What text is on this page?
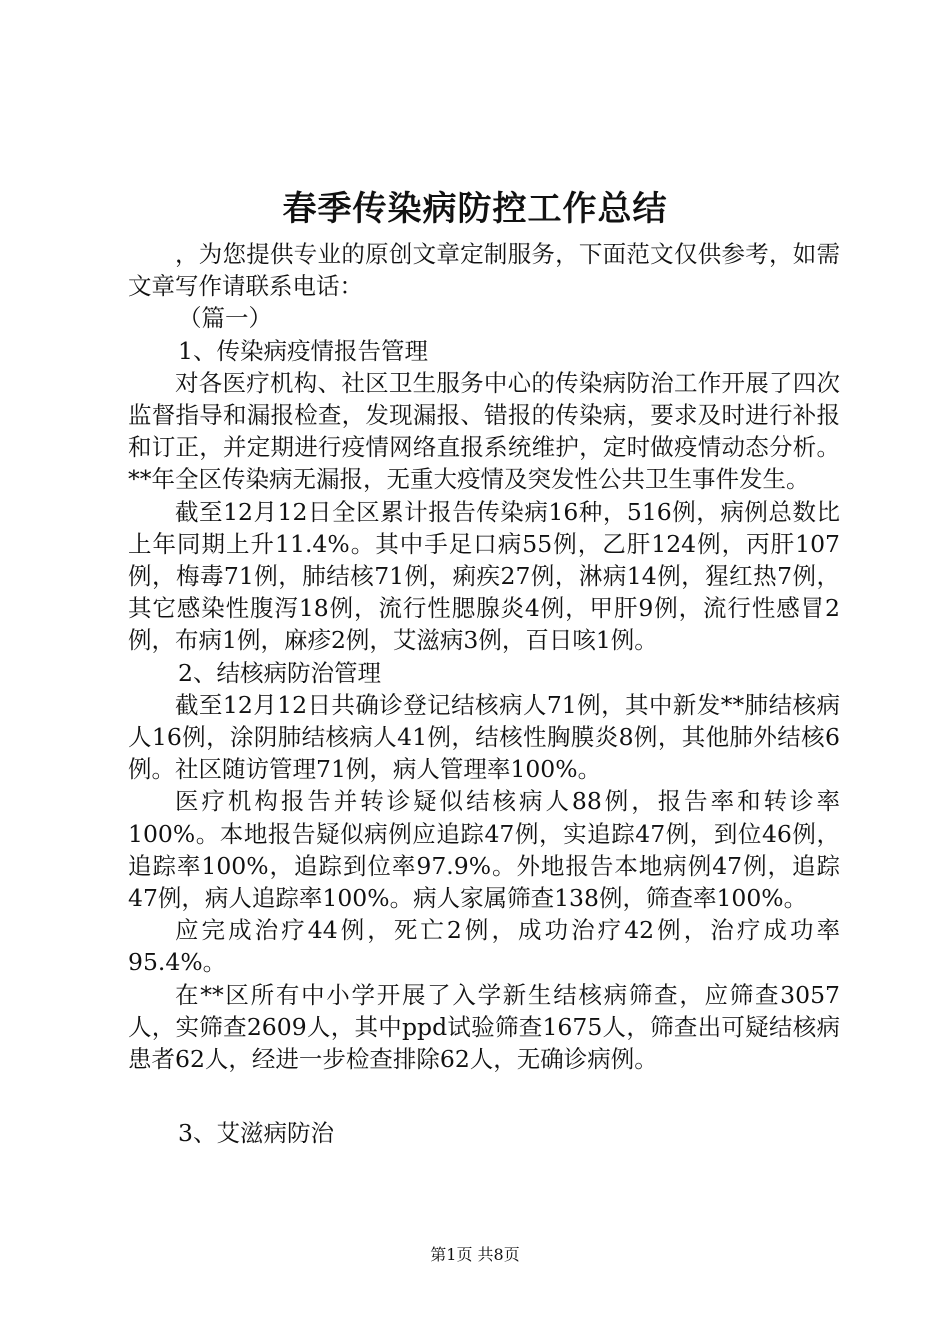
春季传染病防控工作总结

，为您提供专业的原创文章定制服务，下面范文仅供参考，如需文章写作请联系电话：

（篇一）

1、传染病疫情报告管理

对各医疗机构、社区卫生服务中心的传染病防治工作开展了四次监督指导和漏报检查，发现漏报、错报的传染病，要求及时进行补报和订正，并定期进行疫情网络直报系统维护，定时做疫情动态分析。**年全区传染病无漏报，无重大疫情及突发性公共卫生事件发生。

截至12月12日全区累计报告传染病16种，516例，病例总数比上年同期上升11.4%。其中手足口病55例，乙肝124例，丙肝107例，梅毒71例，肺结核71例，痢疾27例，淋病14例，猩红热7例，其它感染性腹泻18例，流行性腮腺炎4例，甲肝9例，流行性感冒2例，布病1例，麻疹2例，艾滋病3例，百日咳1例。

2、结核病防治管理

截至12月12日共确诊登记结核病人71例，其中新发**肺结核病人16例，涂阴肺结核病人41例，结核性胸膜炎8例，其他肺外结核6例。社区随访管理71例，病人管理率100%。

医疗机构报告并转诊疑似结核病人88例，报告率和转诊率100%。本地报告疑似病例应追踪47例，实追踪47例，到位46例，追踪率100%，追踪到位率97.9%。外地报告本地病例47例，追踪47例，病人追踪率100%。病人家属筛查138例，筛查率100%。

应完成治疗44例，死亡2例，成功治疗42例，治疗成功率95.4%。

在**区所有中小学开展了入学新生结核病筛查，应筛查3057人，实筛查2609人，其中ppd试验筛查1675人，筛查出可疑结核病患者62人，经进一步检查排除62人，无确诊病例。

3、艾滋病防治

第1页 共8页
